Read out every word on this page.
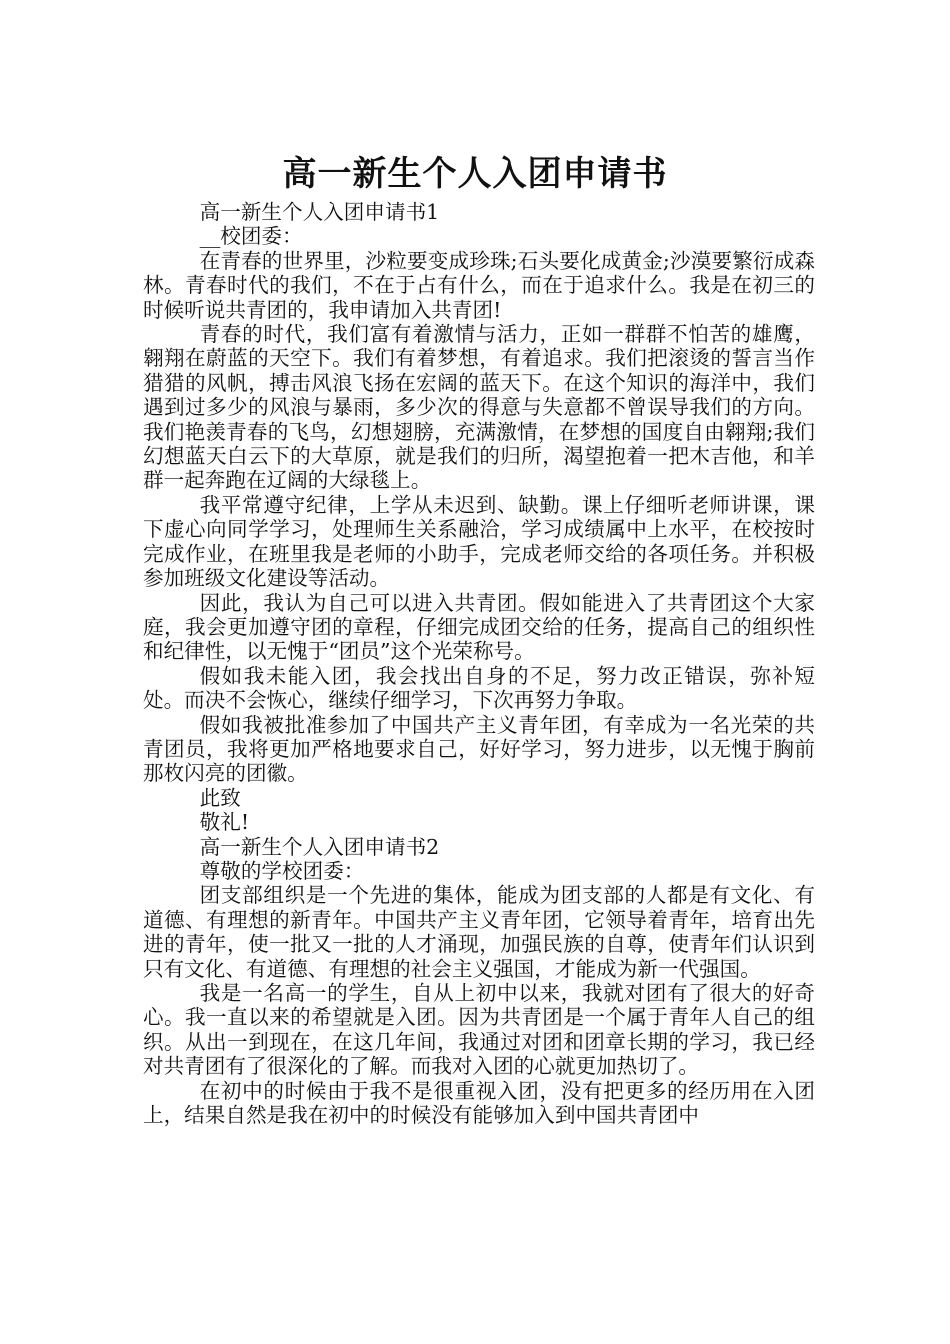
高一新生个人入团申请书

高一新生个人入团申请书1

__校团委：

在青春的世界里，沙粒要变成珍珠;石头要化成黄金;沙漠要繁衍成森林。青春时代的我们，不在于占有什么，而在于追求什么。我是在初三的时候听说共青团的，我申请加入共青团!

青春的时代，我们富有着激情与活力，正如一群群不怕苦的雄鹰，翱翔在蔚蓝的天空下。我们有着梦想，有着追求。我们把滚烫的誓言当作猎猎的风帆，搏击风浪飞扬在宏阔的蓝天下。在这个知识的海洋中，我们遇到过多少的风浪与暴雨，多少次的得意与失意都不曾误导我们的方向。我们艳羡青春的飞鸟，幻想翅膀，充满激情，在梦想的国度自由翱翔;我们幻想蓝天白云下的大草原，就是我们的归所，渴望抱着一把木吉他，和羊群一起奔跑在辽阔的大绿毯上。

我平常遵守纪律，上学从未迟到、缺勤。课上仔细听老师讲课，课下虚心向同学学习，处理师生关系融洽，学习成绩属中上水平，在校按时完成作业，在班里我是老师的小助手，完成老师交给的各项任务。并积极参加班级文化建设等活动。

因此，我认为自己可以进入共青团。假如能进入了共青团这个大家庭，我会更加遵守团的章程，仔细完成团交给的任务，提高自己的组织性和纪律性，以无愧于“团员”这个光荣称号。

假如我未能入团，我会找出自身的不足，努力改正错误，弥补短处。而决不会恢心，继续仔细学习，下次再努力争取。

假如我被批准参加了中国共产主义青年团，有幸成为一名光荣的共青团员，我将更加严格地要求自己，好好学习，努力进步，以无愧于胸前那枚闪亮的团徽。

此致

敬礼!

高一新生个人入团申请书2

尊敬的学校团委：

团支部组织是一个先进的集体，能成为团支部的人都是有文化、有道德、有理想的新青年。中国共产主义青年团，它领导着青年，培育出先进的青年，使一批又一批的人才涌现，加强民族的自尊，使青年们认识到只有文化、有道德、有理想的社会主义强国，才能成为新一代强国。

我是一名高一的学生，自从上初中以来，我就对团有了很大的好奇心。我一直以来的希望就是入团。因为共青团是一个属于青年人自己的组织。从出一到现在，在这几年间，我通过对团和团章长期的学习，我已经对共青团有了很深化的了解。而我对入团的心就更加热切了。

在初中的时候由于我不是很重视入团，没有把更多的经历用在入团上，结果自然是我在初中的时候没有能够加入到中国共青团中
